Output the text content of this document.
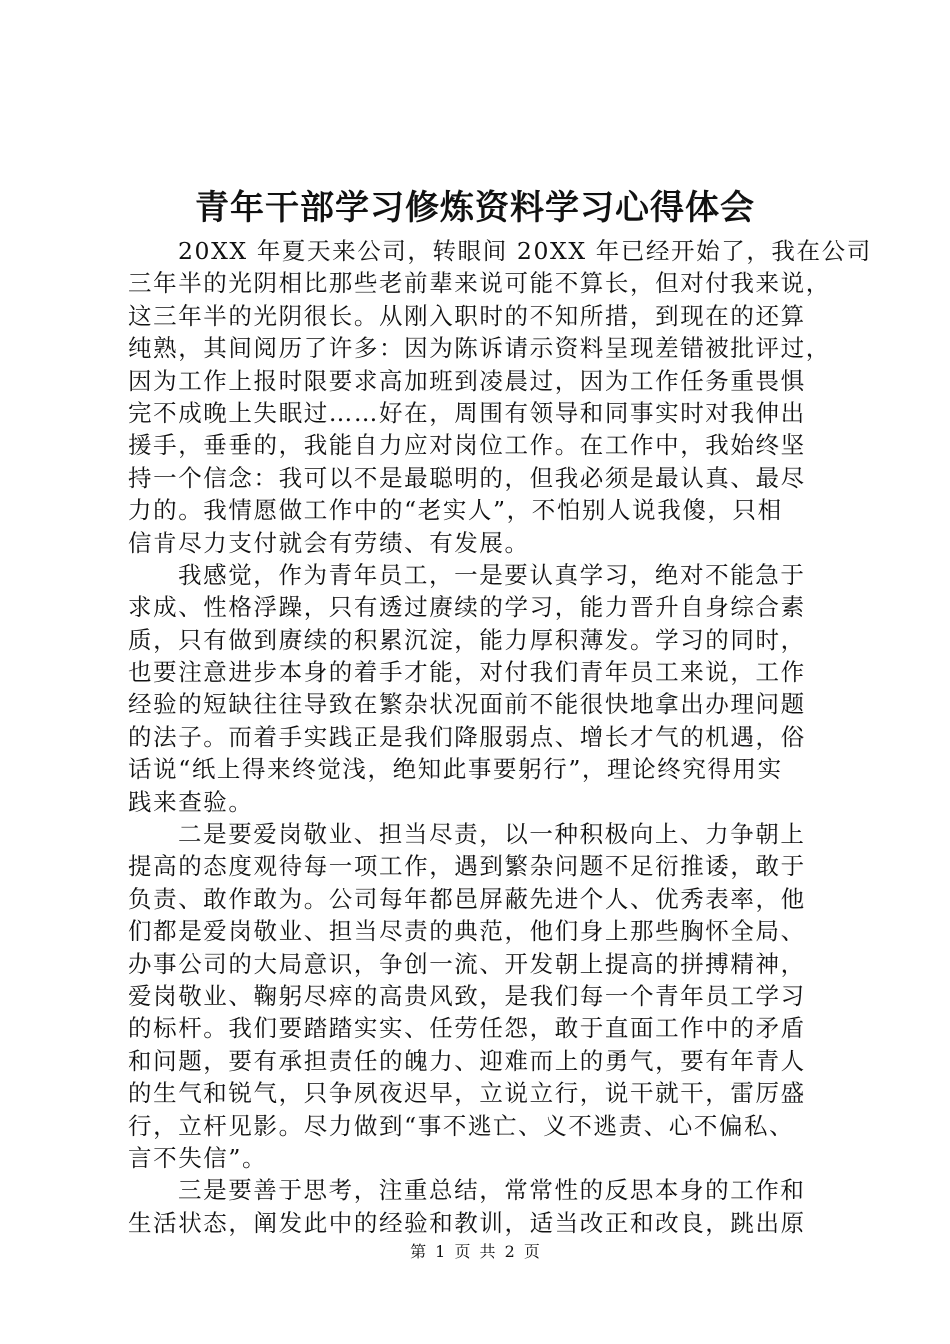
青年干部学习修炼资料学习心得体会
20XX 年夏天来公司，转眼间 20XX 年已经开始了，我在公司
三年半的光阴相比那些老前辈来说可能不算长，但对付我来说，
这三年半的光阴很长。从刚入职时的不知所措，到现在的还算
纯熟，其间阅历了许多：因为陈诉请示资料呈现差错被批评过，
因为工作上报时限要求高加班到凌晨过，因为工作任务重畏惧
完不成晚上失眠过……好在，周围有领导和同事实时对我伸出
援手，垂垂的，我能自力应对岗位工作。在工作中，我始终坚
持一个信念：我可以不是最聪明的，但我必须是最认真、最尽
力的。我情愿做工作中的“老实人”，不怕别人说我傻，只相
信肯尽力支付就会有劳绩、有发展。
我感觉，作为青年员工，一是要认真学习，绝对不能急于
求成、性格浮躁，只有透过赓续的学习，能力晋升自身综合素
质，只有做到赓续的积累沉淀，能力厚积薄发。学习的同时，
也要注意进步本身的着手才能，对付我们青年员工来说，工作
经验的短缺往往导致在繁杂状况面前不能很快地拿出办理问题
的法子。而着手实践正是我们降服弱点、增长才气的机遇，俗
话说“纸上得来终觉浅，绝知此事要躬行”，理论终究得用实
践来查验。
二是要爱岗敬业、担当尽责，以一种积极向上、力争朝上
提高的态度观待每一项工作，遇到繁杂问题不足衍推诿，敢于
负责、敢作敢为。公司每年都邑屏蔽先进个人、优秀表率，他
们都是爱岗敬业、担当尽责的典范，他们身上那些胸怀全局、
办事公司的大局意识，争创一流、开发朝上提高的拼搏精神，
爱岗敬业、鞠躬尽瘁的高贵风致，是我们每一个青年员工学习
的标杆。我们要踏踏实实、任劳任怨，敢于直面工作中的矛盾
和问题，要有承担责任的魄力、迎难而上的勇气，要有年青人
的生气和锐气，只争夙夜迟早，立说立行，说干就干，雷厉盛
行，立杆见影。尽力做到“事不逃亡、义不逃责、心不偏私、
言不失信”。
三是要善于思考，注重总结，常常性的反思本身的工作和
生活状态，阐发此中的经验和教训，适当改正和改良，跳出原
第 1 页 共 2 页
